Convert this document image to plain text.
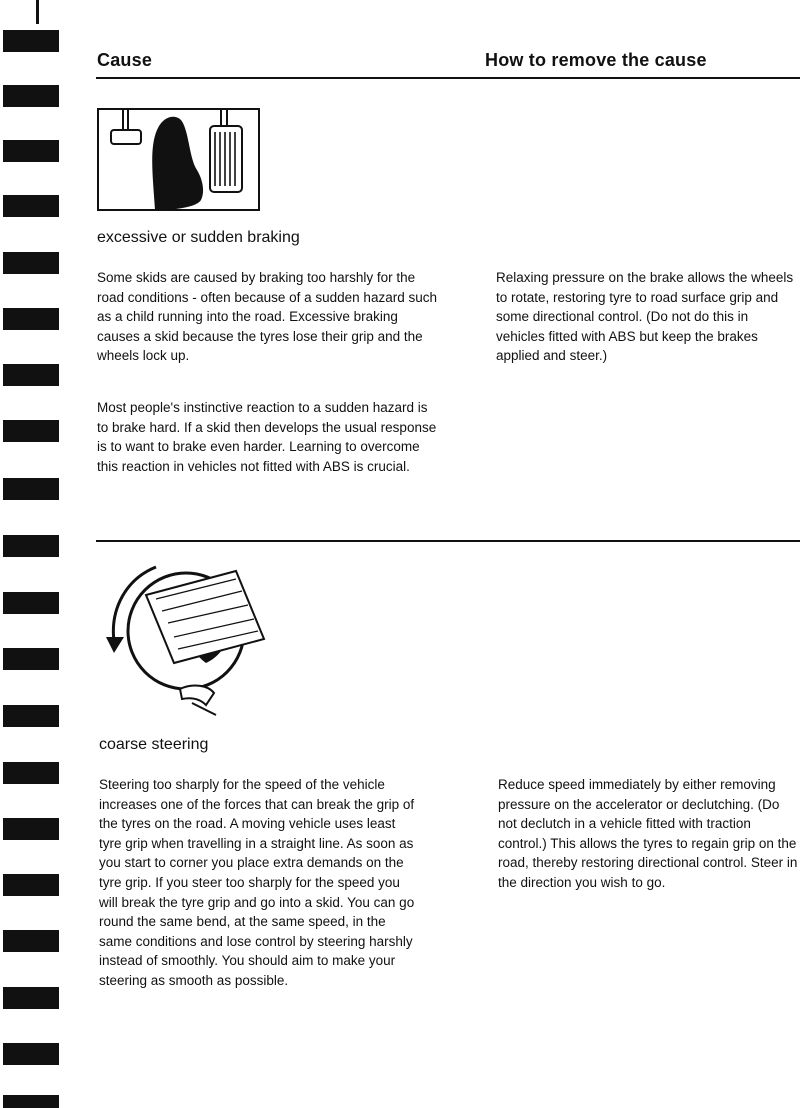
Cause	How to remove the cause
excessive or sudden braking

Some skids are caused by braking too harshly for the road conditions - often because of a sudden hazard such as a child running into the road. Excessive braking causes a skid because the tyres lose their grip and the wheels lock up.

Most people's instinctive reaction to a sudden hazard is to brake hard. If a skid then develops the usual response is to want to brake even harder. Learning to overcome this reaction in vehicles not fitted with ABS is crucial.

Relaxing pressure on the brake allows the wheels to rotate, restoring tyre to road surface grip and some directional control. (Do not do this in vehicles fitted with ABS but keep the brakes applied and steer.)

coarse steering

Steering too sharply for the speed of the vehicle increases one of the forces that can break the grip of the tyres on the road. A moving vehicle uses least tyre grip when travelling in a straight line. As soon as you start to corner you place extra demands on the tyre grip. If you steer too sharply for the speed you will break the tyre grip and go into a skid. You can go round the same bend, at the same speed, in the same conditions and lose control by steering harshly instead of smoothly. You should aim to make your steering as smooth as possible.

Reduce speed immediately by either removing pressure on the accelerator or declutching. (Do not declutch in a vehicle fitted with traction control.) This allows the tyres to regain grip on the road, thereby restoring directional control. Steer in the direction you wish to go.
